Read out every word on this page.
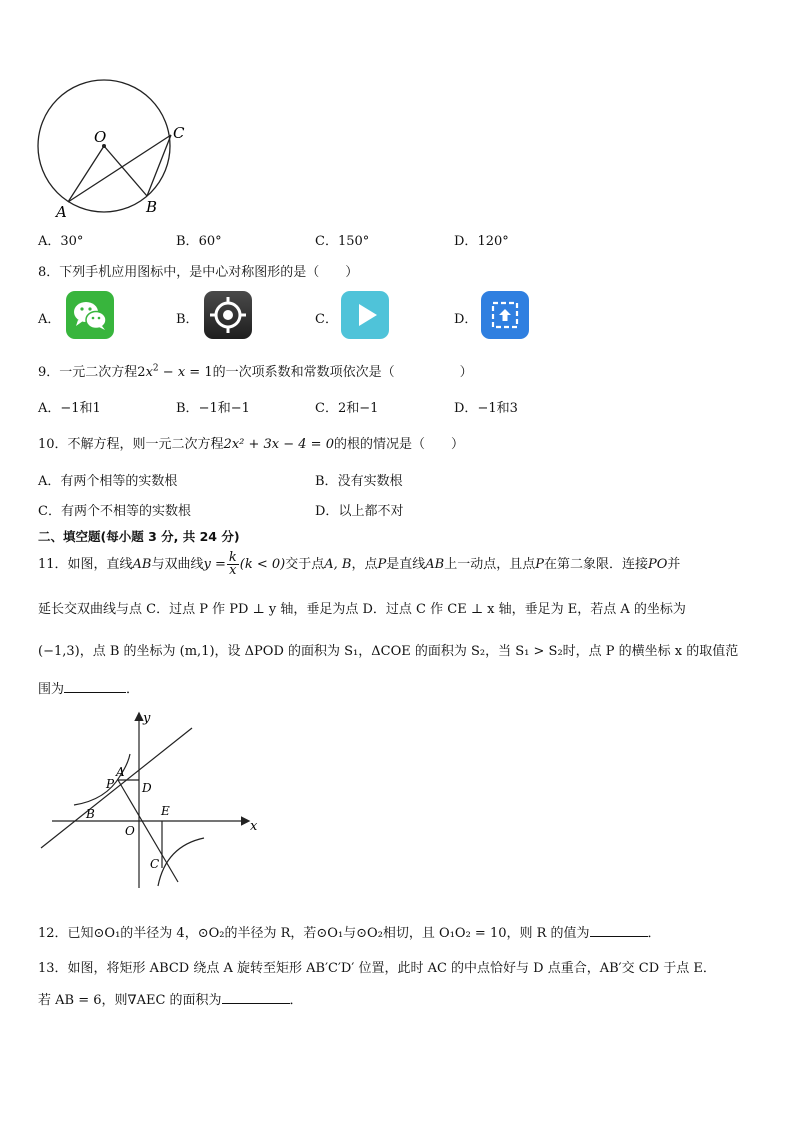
O	C
A	B
A．30°	B．60°	C．150°	D．120°
8．下列手机应用图标中，是中心对称图形的是（　　）
A．	B．	C．	D．
9．一元二次方程$2x^2 - x = 1$的一次项系数和常数项依次是（　　　　　）
A．−1和1	B．−1和−1	C．2和−1	D．−1和3
10．不解方程，则一元二次方程2x² + 3x − 4 = 0的根的情况是（　　）
A．有两个相等的实数根	B．没有实数根
C．有两个不相等的实数根	D．以上都不对
二、填空题(每小题 3 分, 共 24 分)
11．如图，直线AB与双曲线$y = \frac{k}{x} (k < 0)$交于点A, B，点P是直线AB上一动点，且点P在第二象限．连接PO并
延长交双曲线与点 C．过点 P 作 PD ⊥ y 轴，垂足为点 D．过点 C 作 CE ⊥ x 轴，垂足为 E，若点 A 的坐标为
(−1,3)，点 B 的坐标为 (m,1)，设 ΔPOD 的面积为 S₁，ΔCOE 的面积为 S₂，当 S₁ > S₂时，点 P 的横坐标 x 的取值范
围为	．
y
x
A
P D
B
O
E
C
12．已知⊙O₁的半径为 4，⊙O₂的半径为 R，若⊙O₁与⊙O₂相切，且 O₁O₂ = 10，则 R 的值为	．
13．如图，将矩形 ABCD 绕点 A 旋转至矩形 AB′C′D′ 位置，此时 AC 的中点恰好与 D 点重合，AB′交 CD 于点 E．
若 AB = 6，则∇AEC 的面积为	．
